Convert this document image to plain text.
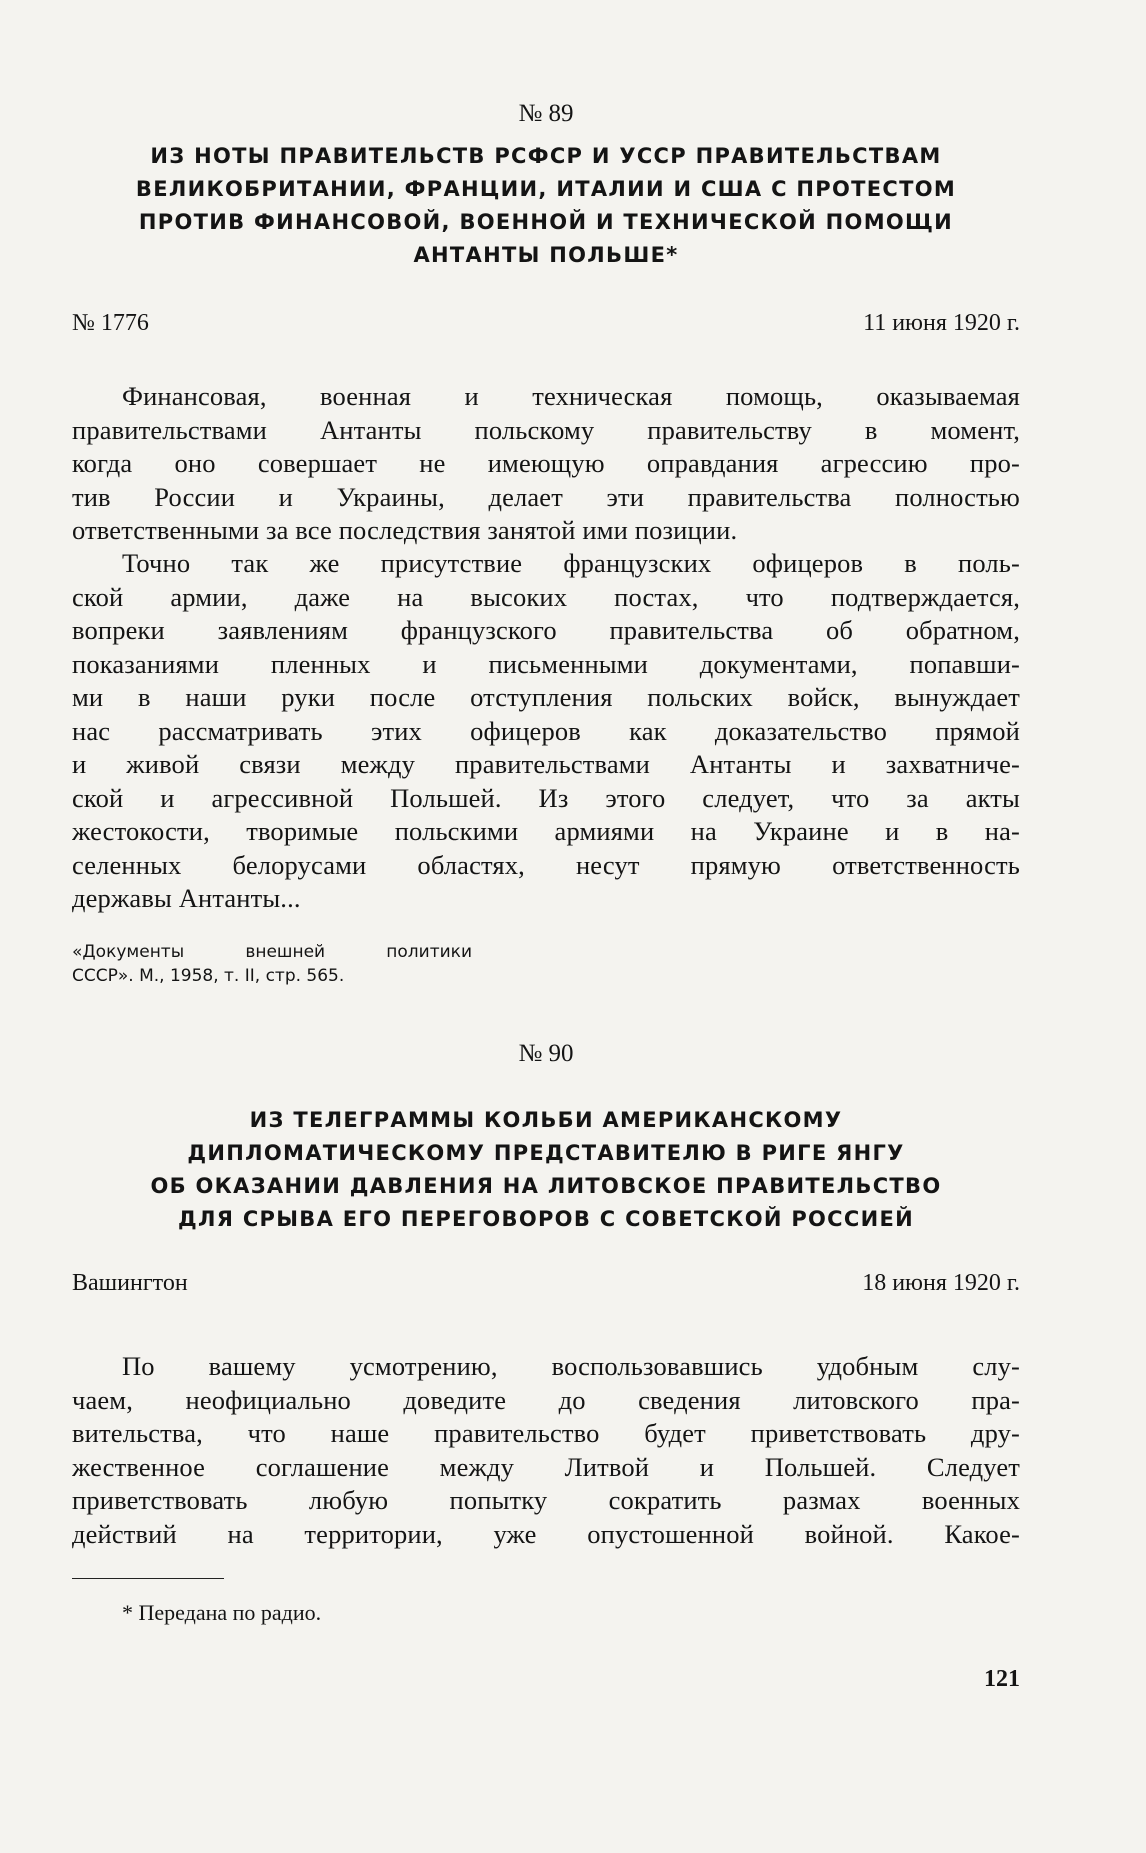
№ 89
ИЗ НОТЫ ПРАВИТЕЛЬСТВ РСФСР И УССР ПРАВИТЕЛЬСТВАМ
ВЕЛИКОБРИТАНИИ, ФРАНЦИИ, ИТАЛИИ И США С ПРОТЕСТОМ
ПРОТИВ ФИНАНСОВОЙ, ВОЕННОЙ И ТЕХНИЧЕСКОЙ ПОМОЩИ
АНТАНТЫ ПОЛЬШЕ*
№ 1776	11 июня 1920 г.
Финансовая, военная и техническая помощь, оказываемая
правительствами Антанты польскому правительству в момент,
когда оно совершает не имеющую оправдания агрессию про-
тив России и Украины, делает эти правительства полностью
ответственными за все последствия занятой ими позиции.
Точно так же присутствие французских офицеров в поль-
ской армии, даже на высоких постах, что подтверждается,
вопреки заявлениям французского правительства об обратном,
показаниями пленных и письменными документами, попавши-
ми в наши руки после отступления польских войск, вынуждает
нас рассматривать этих офицеров как доказательство прямой
и живой связи между правительствами Антанты и захватниче-
ской и агрессивной Польшей. Из этого следует, что за акты
жестокости, творимые польскими армиями на Украине и в на-
селенных белорусами областях, несут прямую ответственность
державы Антанты...
«Документы внешней политики
СССР». М., 1958, т. II, стр. 565.
№ 90
ИЗ ТЕЛЕГРАММЫ КОЛЬБИ АМЕРИКАНСКОМУ
ДИПЛОМАТИЧЕСКОМУ ПРЕДСТАВИТЕЛЮ В РИГЕ ЯНГУ
ОБ ОКАЗАНИИ ДАВЛЕНИЯ НА ЛИТОВСКОЕ ПРАВИТЕЛЬСТВО
ДЛЯ СРЫВА ЕГО ПЕРЕГОВОРОВ С СОВЕТСКОЙ РОССИЕЙ
Вашингтон	18 июня 1920 г.
По вашему усмотрению, воспользовавшись удобным слу-
чаем, неофициально доведите до сведения литовского пра-
вительства, что наше правительство будет приветствовать дру-
жественное соглашение между Литвой и Польшей. Следует
приветствовать любую попытку сократить размах военных
действий на территории, уже опустошенной войной. Какое-
* Передана по радио.
121
